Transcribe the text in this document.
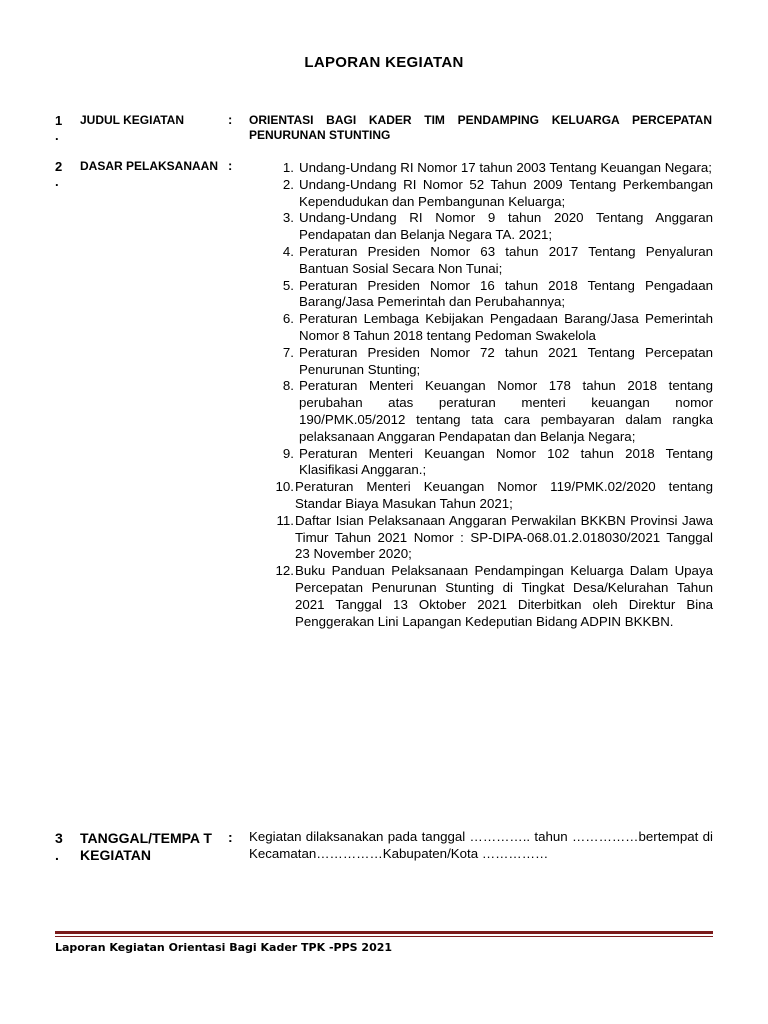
LAPORAN KEGIATAN
1
.
JUDUL KEGIATAN	: ORIENTASI BAGI KADER TIM PENDAMPING KELUARGA PERCEPATAN PENURUNAN STUNTING
2
.
DASAR PELAKSANAAN :	1. Undang-Undang RI Nomor 17 tahun 2003 Tentang Keuangan Negara;
2. Undang-Undang RI Nomor 52 Tahun 2009 Tentang Perkembangan Kependudukan dan Pembangunan Keluarga;
3. Undang-Undang RI Nomor 9 tahun 2020 Tentang Anggaran Pendapatan dan Belanja Negara TA. 2021;
4. Peraturan Presiden Nomor 63 tahun 2017 Tentang Penyaluran Bantuan Sosial Secara Non Tunai;
5. Peraturan Presiden Nomor 16 tahun 2018 Tentang Pengadaan Barang/Jasa Pemerintah dan Perubahannya;
6. Peraturan Lembaga Kebijakan Pengadaan Barang/Jasa Pemerintah Nomor 8 Tahun 2018 tentang Pedoman Swakelola
7. Peraturan Presiden Nomor 72 tahun 2021 Tentang Percepatan Penurunan Stunting;
8. Peraturan Menteri Keuangan Nomor 178 tahun 2018 tentang perubahan atas peraturan menteri keuangan nomor 190/PMK.05/2012 tentang tata cara pembayaran dalam rangka pelaksanaan Anggaran Pendapatan dan Belanja Negara;
9. Peraturan Menteri Keuangan Nomor 102 tahun 2018 Tentang Klasifikasi Anggaran.;
10. Peraturan Menteri Keuangan Nomor 119/PMK.02/2020 tentang Standar Biaya Masukan Tahun 2021;
11. Daftar Isian Pelaksanaan Anggaran Perwakilan BKKBN Provinsi Jawa Timur Tahun 2021 Nomor : SP-DIPA-068.01.2.018030/2021 Tanggal 23 November 2020;
12. Buku Panduan Pelaksanaan Pendampingan Keluarga Dalam Upaya Percepatan Penurunan Stunting di Tingkat Desa/Kelurahan Tahun 2021 Tanggal 13 Oktober 2021 Diterbitkan oleh Direktur Bina Penggerakan Lini Lapangan Kedeputian Bidang ADPIN BKKBN.
3
.
TANGGAL/TEMPA T KEGIATAN
: Kegiatan dilaksanakan pada tanggal ………….. tahun ……………bertempat di Kecamatan……………Kabupaten/Kota ……………
Laporan Kegiatan Orientasi Bagi Kader TPK -PPS 2021
